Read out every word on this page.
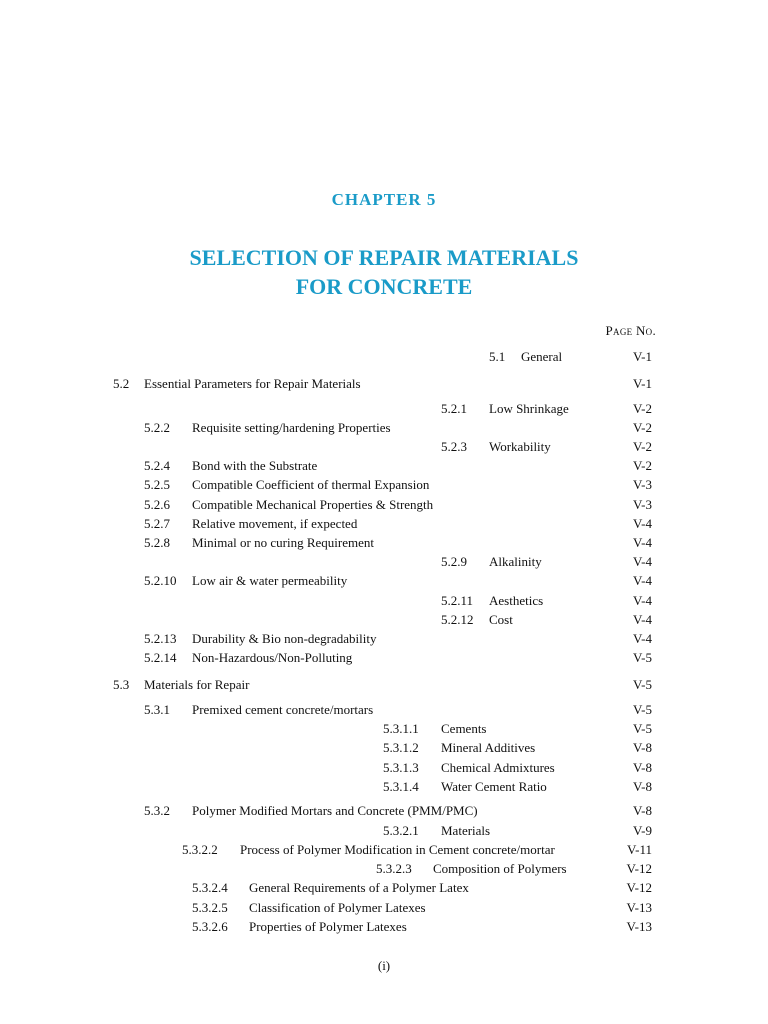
CHAPTER 5
SELECTION OF REPAIR MATERIALS
FOR CONCRETE
Page No.
5.1 General	V-1
5.2 Essential Parameters for Repair Materials	V-1
5.2.1 Low Shrinkage	V-2
5.2.2 Requisite setting/hardening Properties	V-2
5.2.3 Workability	V-2
5.2.4 Bond with the Substrate	V-2
5.2.5 Compatible Coefficient of thermal Expansion	V-3
5.2.6 Compatible Mechanical Properties & Strength	V-3
5.2.7 Relative movement, if expected	V-4
5.2.8 Minimal or no curing Requirement	V-4
5.2.9 Alkalinity	V-4
5.2.10 Low air & water permeability	V-4
5.2.11 Aesthetics	V-4
5.2.12 Cost	V-4
5.2.13 Durability & Bio non-degradability	V-4
5.2.14 Non-Hazardous/Non-Polluting	V-5
5.3 Materials for Repair	V-5
5.3.1 Premixed cement concrete/mortars	V-5
5.3.1.1 Cements	V-5
5.3.1.2 Mineral Additives	V-8
5.3.1.3 Chemical Admixtures	V-8
5.3.1.4 Water Cement Ratio	V-8
5.3.2 Polymer Modified Mortars and Concrete (PMM/PMC)	V-8
5.3.2.1 Materials	V-9
5.3.2.2 Process of Polymer Modification in Cement concrete/mortar	V-11
5.3.2.3 Composition of Polymers	V-12
5.3.2.4 General Requirements of a Polymer Latex	V-12
5.3.2.5 Classification of Polymer Latexes	V-13
5.3.2.6 Properties of Polymer Latexes	V-13
(i)
